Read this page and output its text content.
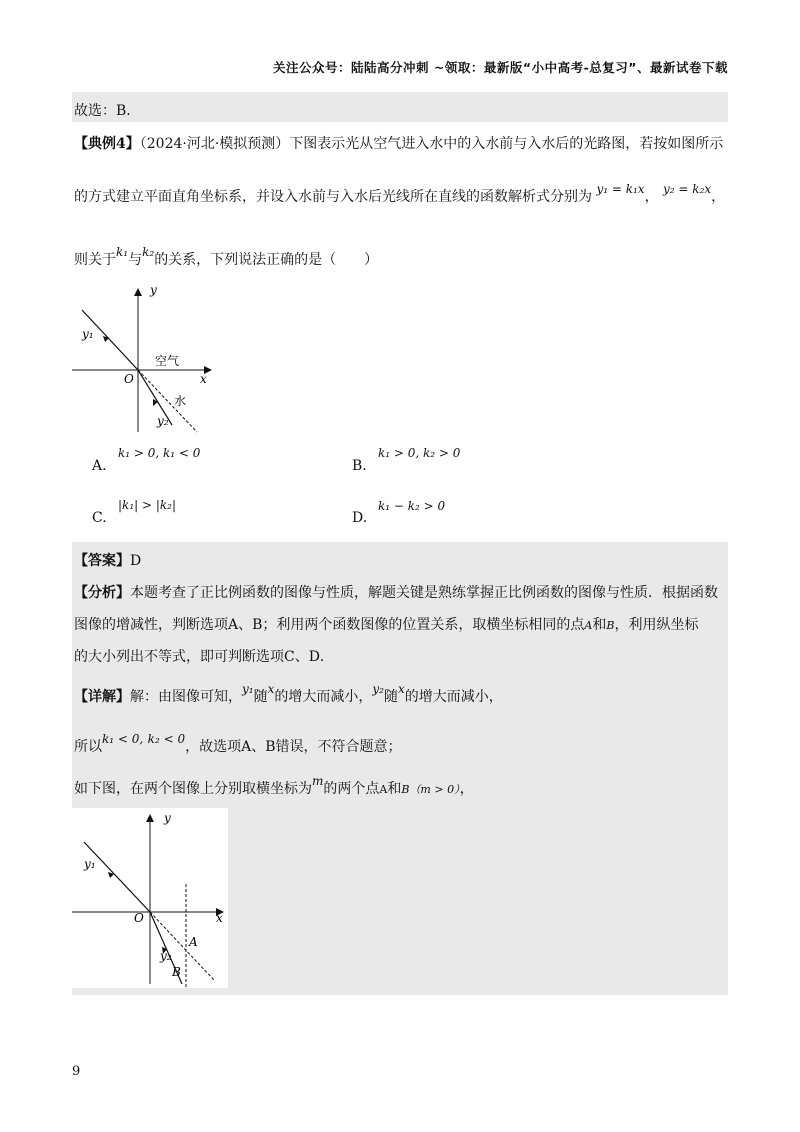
关注公众号：陆陆高分冲刺 ~领取：最新版“小中高考-总复习”、最新试卷下载
故选：B．
【典例4】（2024·河北·模拟预测）下图表示光从空气进入水中的入水前与入水后的光路图，若按如图所示
的方式建立平面直角坐标系，并设入水前与入水后光线所在直线的函数解析式分别为 y₁ = k₁x， y₂ = k₂x，
则关于k₁与k₂的关系，下列说法正确的是（　　）
y
x
O
y₁
y₂
空气
水
A.
k₁ > 0, k₁ < 0
B.
k₁ > 0, k₂ > 0
C.
|k₁| > |k₂|
D.
k₁ − k₂ > 0
【答案】D
【分析】本题考查了正比例函数的图像与性质，解题关键是熟练掌握正比例函数的图像与性质．根据函数
图像的增减性，判断选项A、B；利用两个函数图像的位置关系，取横坐标相同的点A和B，利用纵坐标
的大小列出不等式，即可判断选项C、D．
【详解】解：由图像可知，y₁随x的增大而减小，y₂随x的增大而减小，
所以k₁ < 0, k₂ < 0，故选项A、B错误，不符合题意；
如下图，在两个图像上分别取横坐标为m的两个点A和B（m > 0），
y
x
O
y₁
y₂
A
B
9
